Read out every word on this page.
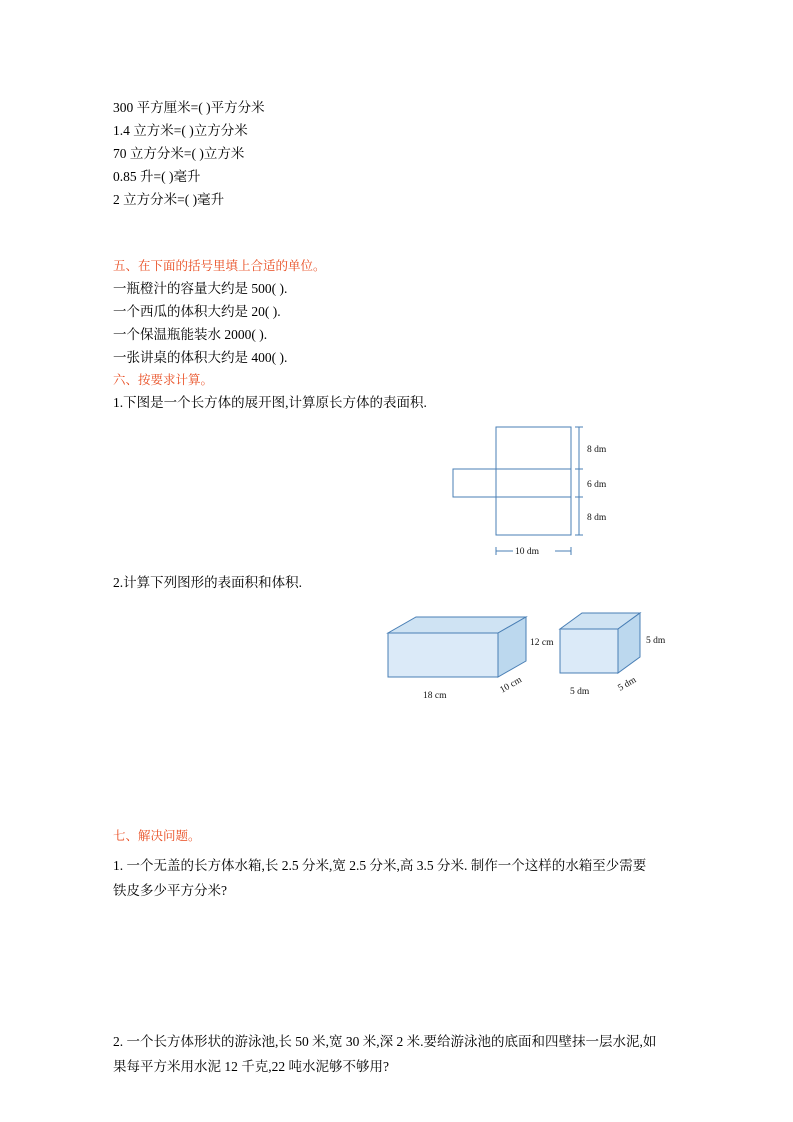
300 平方厘米=( )平方分米
1.4 立方米=( )立方分米
70 立方分米=( )立方米
0.85 升=( )毫升
2 立方分米=( )毫升
五、在下面的括号里填上合适的单位。
一瓶橙汁的容量大约是 500( ).
一个西瓜的体积大约是 20( ).
一个保温瓶能装水 2000( ).
一张讲桌的体积大约是 400( ).
六、按要求计算。
1.下图是一个长方体的展开图,计算原长方体的表面积.
8 dm
6 dm
8 dm
10 dm
2.计算下列图形的表面积和体积.
12 cm
18 cm
10 cm
5 dm
5 dm	5 dm
七、解决问题。
1. 一个无盖的长方体水箱,长 2.5 分米,宽 2.5 分米,高 3.5 分米. 制作一个这样的水箱至少需要铁皮多少平方分米?
2. 一个长方体形状的游泳池,长 50 米,宽 30 米,深 2 米.要给游泳池的底面和四壁抹一层水泥,如果每平方米用水泥 12 千克,22 吨水泥够不够用?
